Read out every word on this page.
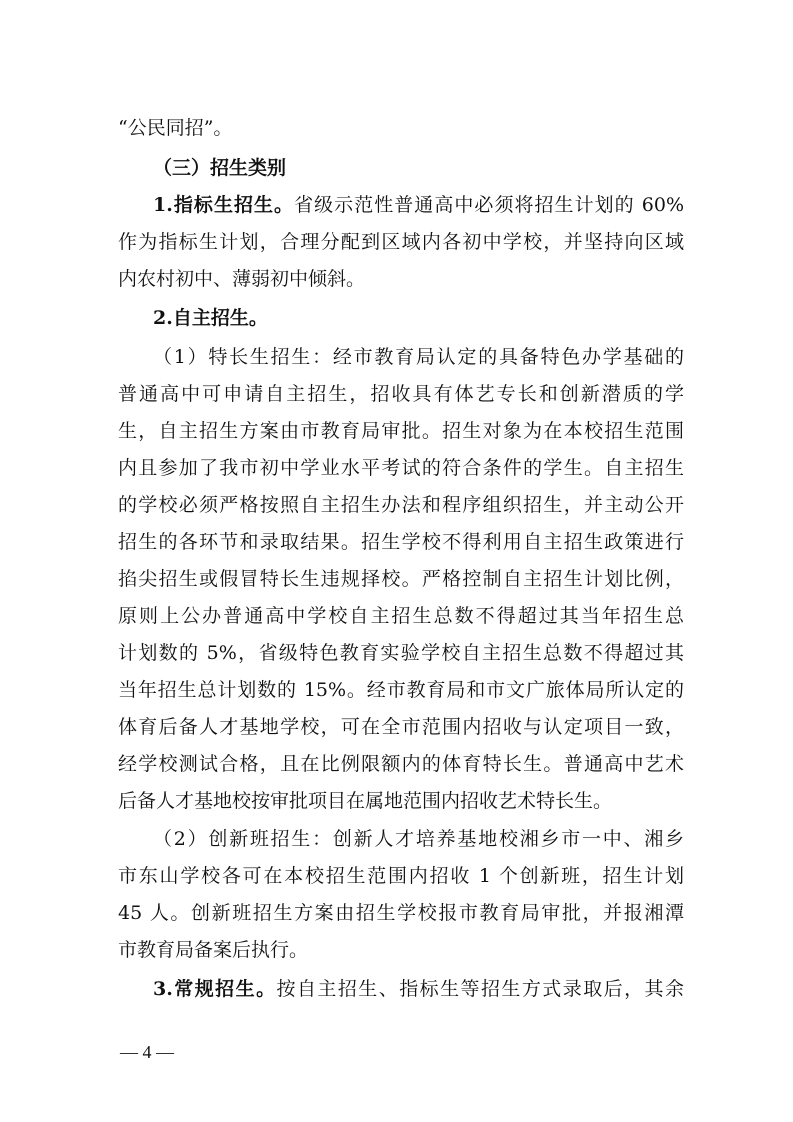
“公民同招”。
（三）招生类别
1.指标生招生。省级示范性普通高中必须将招生计划的 60%
作为指标生计划，合理分配到区域内各初中学校，并坚持向区域
内农村初中、薄弱初中倾斜。
2.自主招生。
（1）特长生招生：经市教育局认定的具备特色办学基础的
普通高中可申请自主招生，招收具有体艺专长和创新潜质的学
生，自主招生方案由市教育局审批。招生对象为在本校招生范围
内且参加了我市初中学业水平考试的符合条件的学生。自主招生
的学校必须严格按照自主招生办法和程序组织招生，并主动公开
招生的各环节和录取结果。招生学校不得利用自主招生政策进行
掐尖招生或假冒特长生违规择校。严格控制自主招生计划比例，
原则上公办普通高中学校自主招生总数不得超过其当年招生总
计划数的 5%，省级特色教育实验学校自主招生总数不得超过其
当年招生总计划数的 15%。经市教育局和市文广旅体局所认定的
体育后备人才基地学校，可在全市范围内招收与认定项目一致，
经学校测试合格，且在比例限额内的体育特长生。普通高中艺术
后备人才基地校按审批项目在属地范围内招收艺术特长生。
（2）创新班招生：创新人才培养基地校湘乡市一中、湘乡
市东山学校各可在本校招生范围内招收 1 个创新班，招生计划
45 人。创新班招生方案由招生学校报市教育局审批，并报湘潭
市教育局备案后执行。
3.常规招生。按自主招生、指标生等招生方式录取后，其余
— 4 —
